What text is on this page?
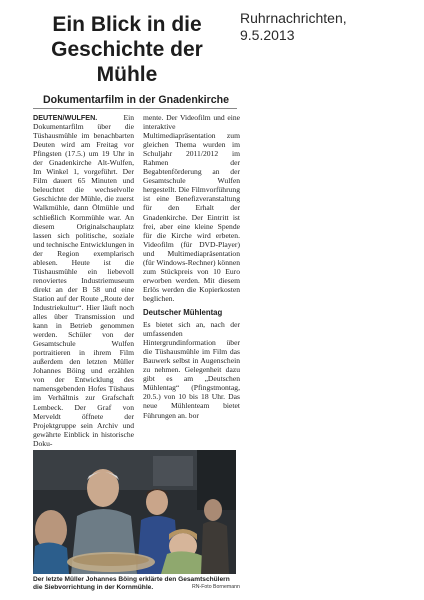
Ruhrnachrichten,
9.5.2013
Ein Blick in die
Geschichte der
Mühle
Dokumentarfilm in der Gnadenkirche

DEUTEN/WULFEN.	Ein Dokumentarfilm über die Tüshausmühle im benachbarten Deuten wird am Freitag vor Pfingsten (17.5.) um 19 Uhr in der Gnadenkirche Alt-Wulfen, Im Winkel 1, vorgeführt. Der Film dauert 65 Minuten und beleuchtet die wechselvolle Geschichte der Mühle, die zuerst Walkmühle, dann Ölmühle und schließlich Kornmühle war. An diesem Originalschauplatz lassen sich politische, soziale und technische Entwicklungen in der Region exemplarisch ablesen. Heute ist die Tüshausmühle ein liebevoll renoviertes Industriemuseum direkt an der B 58 und eine Station auf der Route „Route der Industriekultur“. Hier läuft noch alles über Transmission und kann in Betrieb genommen werden. Schüler von der Gesamtschule Wulfen portraitieren in ihrem Film außerdem den letzten Müller Johannes Böing und erzählen von der Entwicklung des namensgebenden Hofes Tüshaus im Verhältnis zur Grafschaft Lembeck. Der Graf von Merveldt öffnete der Projektgruppe sein Archiv und gewährte Einblick in historische Doku-

mente. Der Videofilm und eine interaktive Multimediapräsentation zum gleichen Thema wurden im Schuljahr 2011/2012 im Rahmen der Begabtenförderung an der Gesamtschule Wulfen hergestellt. Die Filmvorführung ist eine Benefizveranstaltung für den Erhalt der Gnadenkirche. Der Eintritt ist frei, aber eine kleine Spende für die Kirche wird erbeten. Videofilm (für DVD-Player) und Multimediapräsentation (für Windows-Rechner) können zum Stückpreis von 10 Euro erworben werden. Mit diesem Erlös werden die Kopierkosten beglichen.

Deutscher Mühlentag

Es bietet sich an, nach der umfassenden Hintergrundinformation über die Tüshausmühle im Film das Bauwerk selbst in Augenschein zu nehmen. Gelegenheit dazu gibt es am „Deutschen Mühlentag“ (Pfingstmontag, 20.5.) von 10 bis 18 Uhr. Das neue Mühlenteam bietet Führungen an. bor

Der letzte Müller Johannes Böing erklärte den Gesamtschülern die Siebvorrichtung in der Kornmühle.	RN-Foto Bornemann
